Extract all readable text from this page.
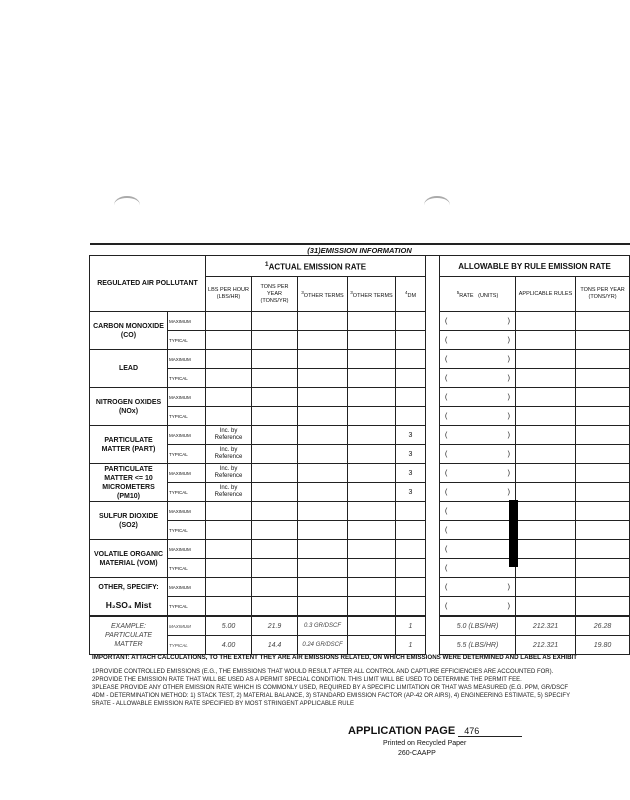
(31)EMISSION INFORMATION										
REGULATED AIR POLLUTANT		$^1$ACTUAL EMISSION RATE						ALLOWABLE BY RULE EMISSION RATE		
		LBS PER HOUR (LBS/HR)	TONS PER YEAR (TONS/YR)	$^3$OTHER TERMS	$^3$OTHER TERMS	$^4$DM		$^5$RATE (UNITS)	APPLICABLE RULES	TONS PER YEAR (TONS/YR)
CARBON MONOXIDE (CO)	MAXIMUM							( )		

	TYPICAL							( )		

LEAD	MAXIMUM							( )		

	TYPICAL							( )		

NITROGEN OXIDES (NOx)	MAXIMUM							( )		

	TYPICAL							( )		

PARTICULATE MATTER (PART)	MAXIMUM	Inc. by Reference				3		( )		

	TYPICAL	Inc. by Reference				3		( )		

PARTICULATE MATTER <= 10 MICROMETERS (PM10)	MAXIMUM	Inc. by Reference				3		( )		

	TYPICAL	Inc. by Reference				3		( )		

SULFUR DIOXIDE (SO2)	MAXIMUM							(		

	TYPICAL							(		

VOLATILE ORGANIC MATERIAL (VOM)	MAXIMUM							(		

	TYPICAL							(		

OTHER, SPECIFY:	MAXIMUM							( )		

H₂SO₄ Mist	TYPICAL							( )		

EXAMPLE: PARTICULATE MATTER	MAXIMUM	5.00	21.9	0.3 GR/DSCF		1		5.0 (LBS/HR)	212.321	26.28
	TYPICAL	4.00	14.4	0.24 GR/DSCF		1		5.5 (LBS/HR)	212.321	19.80
IMPORTANT: ATTACH CALCULATIONS, TO THE EXTENT THEY ARE AIR EMISSIONS RELATED, ON WHICH EMISSIONS WERE DETERMINED AND LABEL AS EXHIBIT
1PROVIDE CONTROLLED EMISSIONS (E.G., THE EMISSIONS THAT WOULD RESULT AFTER ALL CONTROL AND CAPTURE EFFICIENCIES ARE ACCOUNTED FOR).
2PROVIDE THE EMISSION RATE THAT WILL BE USED AS A PERMIT SPECIAL CONDITION. THIS LIMIT WILL BE USED TO DETERMINE THE PERMIT FEE.
3PLEASE PROVIDE ANY OTHER EMISSION RATE WHICH IS COMMONLY USED, REQUIRED BY A SPECIFIC LIMITATION OR THAT WAS MEASURED (E.G. PPM, GR/DSCF
4DM - DETERMINATION METHOD: 1) STACK TEST, 2) MATERIAL BALANCE, 3) STANDARD EMISSION FACTOR (AP-42 OR AIRS), 4) ENGINEERING ESTIMATE, 5) SPECIFY
5RATE - ALLOWABLE EMISSION RATE SPECIFIED BY MOST STRINGENT APPLICABLE RULE
APPLICATION PAGE 476
Printed on Recycled Paper
260-CAAPP
